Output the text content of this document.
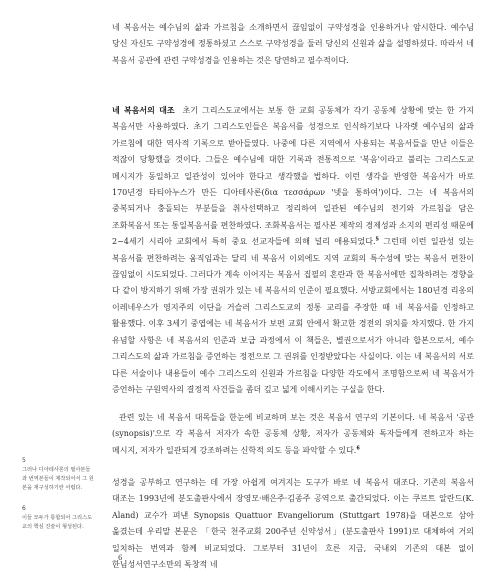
네 복음서는 예수님의 삶과 가르침을 소개하면서 끊임없이 구약성경을 인용하거나 암시한다. 예수님 당신 자신도 구약성경에 정통하셨고 스스로 구약성경을 둘러 당신의 신원과 삶을 설명하셨다. 따라서 네 복음서 공관에 관련 구약성경을 인용하는 것은 당연하고 필수적이다.

네 복음서의 대조 초기 그리스도교에서는 보통 한 교회 공동체가 각기 공동체 상황에 맞는 한 가지 복음서만 사용하였다. 초기 그리스도인들은 복음서를 성경으로 인식하기보다 나자렛 예수님의 삶과 가르침에 대한 역사적 기록으로 받아들였다. 나중에 다른 지역에서 사용되는 복음서들을 만난 이들은 적잖이 당황했을 것이다. 그들은 예수님에 대한 기록과 전통적으로 '복음'이라고 불리는 그리스도교 메시지가 동일하고 일관성이 있어야 한다고 생각했을 법하다. 이런 생각을 반영한 복음서가 바로 170년경 타티아누스가 만든 디아테사론(δια τεσσάρων '넷을 통하여')이다. 그는 네 복음서의 중복되거나 충돌되는 부분들을 취사선택하고 정리하여 일관된 예수님의 전기와 가르침을 담은 조화복음서 또는 통일복음서를 편찬하였다. 조화복음서는 필사본 제작의 경제성과 소지의 편리성 때문에 2~4세기 시리아 교회에서 특히 중요 선교자들에 의해 널리 애용되었다.$^5$ 그런데 이런 일관성 있는 복음서를 편찬하려는 움직임과는 달리 네 복음서 이외에도 지역 교회의 특수성에 맞는 복음서 편찬이 끊임없이 시도되었다. 그러다가 계속 이어지는 복음서 집필의 혼란과 한 복음서에만 집착하려는 경향을 다 같이 방지하기 위해 가장 권위가 있는 네 복음서의 인준이 필요했다. 서방교회에서는 180년경 리옹의 이레네우스가 영지주의 이단을 거슬러 그리스도교의 정통 교리를 주장한 때 네 복음서를 인정하고 활용했다. 이후 3세기 중엽에는 네 복음서가 보편 교회 안에서 확고한 경전의 위치를 차지했다. 한 가지 유념할 사항은 네 복음서의 인준과 보급 과정에서 이 책들은, 별권으로서가 아니라 합본으로서, 예수 그리스도의 삶과 가르침을 증언하는 정전으로 그 권위를 인정받았다는 사실이다. 이는 네 복음서의 서로 다른 서술이나 내용들이 예수 그리스도의 신원과 가르침을 다양한 각도에서 조명함으로써 네 복음서가 증언하는 구원역사의 결정적 사건들을 좀더 깊고 넓게 이해시키는 구실을 한다.

관련 있는 네 복음서 대목들을 한눈에 비교하며 보는 것은 복음서 연구의 기본이다. 네 복음서 '공관(synopsis)'으로 각 복음서 저자가 속한 공동체 상황, 저자가 공동체와 독자들에게 전하고자 하는 메시지, 저자가 일관되게 강조하려는 신학적 의도 등을 파악할 수 있다.$^6$

성경을 공부하고 연구하는 데 가장 아쉽게 여겨지는 도구가 바로 네 복음서 대조다. 기존의 복음서 대조는 1993년에 분도출판사에서 장영모·배은주·김종주 공역으로 출간되었다. 이는 쿠르트 알란드(K. Aland) 교수가 펴낸 Synopsis Quattuor Evangeliorum (Stuttgart 1978)을 대본으로 삼아 옮겼는데 우리말 본문은 「한국 천주교회 200주년 신약성서」(분도출판사 1991)로 대체하여 거의 일치하는 번역과 함께 비교되었다. 그로부터 31년이 흐른 지금, 국내외 기존의 대본 없이 한님성서연구소만의 독창적 네

5
그러나 디아테사론의 필사본들과 번역본들이 제작되어서 그 원본을 재구성하기란 어렵다.
6
이들 모두가 통합되어 그리스도교의 핵심 진술이 형성된다.
6
